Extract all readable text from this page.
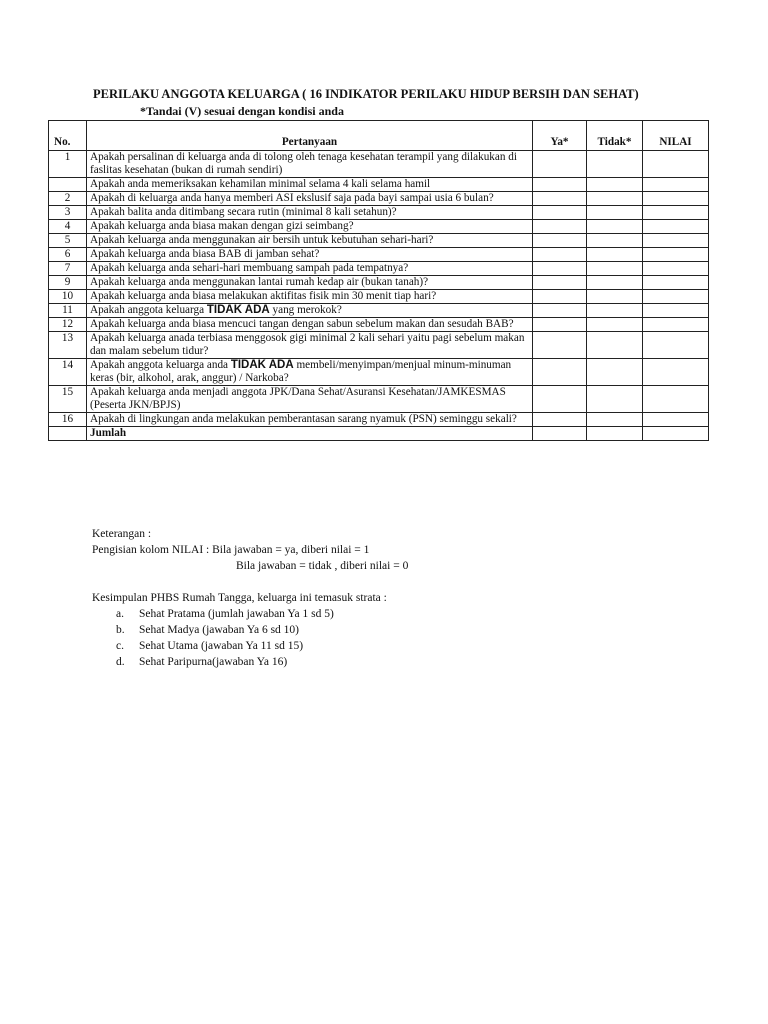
PERILAKU ANGGOTA KELUARGA ( 16 INDIKATOR PERILAKU HIDUP BERSIH DAN SEHAT)
*Tandai (V) sesuai dengan kondisi anda
No.	Pertanyaan	Ya*	Tidak*	NILAI
1	Apakah persalinan di keluarga anda di tolong oleh tenaga kesehatan terampil yang dilakukan di faslitas kesehatan (bukan di rumah sendiri)			
	Apakah anda memeriksakan kehamilan minimal selama 4 kali selama hamil			
2	Apakah di keluarga anda hanya memberi ASI ekslusif saja pada bayi sampai usia 6 bulan?			
3	Apakah balita anda ditimbang secara rutin (minimal 8 kali setahun)?			
4	Apakah keluarga anda biasa makan dengan gizi seimbang?			
5	Apakah keluarga anda menggunakan air bersih untuk kebutuhan sehari-hari?			
6	Apakah keluarga anda biasa BAB di jamban sehat?			
7	Apakah keluarga anda sehari-hari membuang sampah pada tempatnya?			
9	Apakah keluarga anda menggunakan lantai rumah kedap air (bukan tanah)?			
10	Apakah keluarga anda biasa melakukan aktifitas fisik min 30 menit tiap hari?			
11	Apakah anggota keluarga TIDAK ADA yang merokok?			
12	Apakah keluarga anda biasa mencuci tangan dengan sabun sebelum makan dan sesudah BAB?			
13	Apakah keluarga anada terbiasa menggosok gigi minimal 2 kali sehari yaitu pagi sebelum makan dan malam sebelum tidur?			
14	Apakah anggota keluarga anda TIDAK ADA membeli/menyimpan/menjual minum-minuman keras (bir, alkohol, arak, anggur) / Narkoba?			
15	Apakah keluarga anda menjadi anggota JPK/Dana Sehat/Asuransi Kesehatan/JAMKESMAS (Peserta JKN/BPJS)			
16	Apakah di lingkungan anda melakukan pemberantasan sarang nyamuk (PSN) seminggu sekali?			
	Jumlah			
Keterangan :
Pengisian kolom NILAI : Bila jawaban = ya, diberi nilai = 1
Bila jawaban = tidak , diberi nilai = 0
Kesimpulan PHBS Rumah Tangga, keluarga ini temasuk strata :
a. Sehat Pratama (jumlah jawaban Ya 1 sd 5)
b. Sehat Madya (jawaban Ya 6 sd 10)
c. Sehat Utama (jawaban Ya 11 sd 15)
d. Sehat Paripurna(jawaban Ya 16)
